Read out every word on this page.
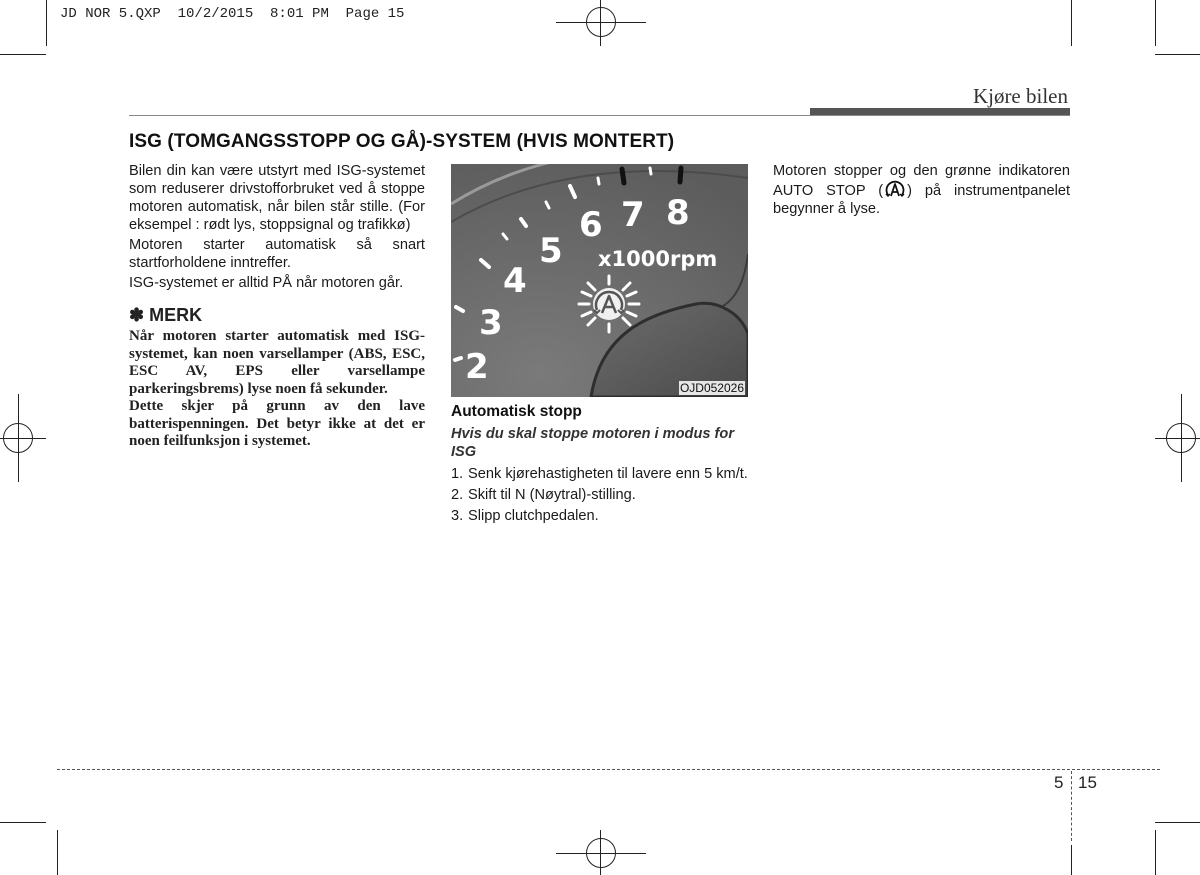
JD NOR 5.QXP  10/2/2015  8:01 PM  Page 15
Kjøre bilen
ISG (TOMGANGSSTOPP OG GÅ)-SYSTEM (HVIS MONTERT)

Bilen din kan være utstyrt med ISG-systemet som reduserer drivstofforbruket ved å stoppe motoren automatisk, når bilen står stille. (For eksempel : rødt lys, stoppsignal og trafikkø)

Motoren starter automatisk så snart startforholdene inntreffer.

ISG-systemet er alltid PÅ når motoren går.

✽ MERK

Når motoren starter automatisk med ISG-systemet, kan noen varsellamper (ABS, ESC, ESC AV, EPS eller varsellampe parkeringsbrems) lyse noen få sekunder.

Dette skjer på grunn av den lave batterispenningen. Det betyr ikke at det er noen feilfunksjon i systemet.

2
3
4
5
6 7 8
x1000rpm
OJD052026
Automatisk stopp
Hvis du skal stoppe motoren i modus for ISG
1. Senk kjørehastigheten til lavere enn 5 km/t.
2. Skift til N (Nøytral)-stilling.
3. Slipp clutchpedalen.
Motoren stopper og den grønne indikatoren AUTO STOP ( ) på instrumentpanelet begynner å lyse.
5 15
